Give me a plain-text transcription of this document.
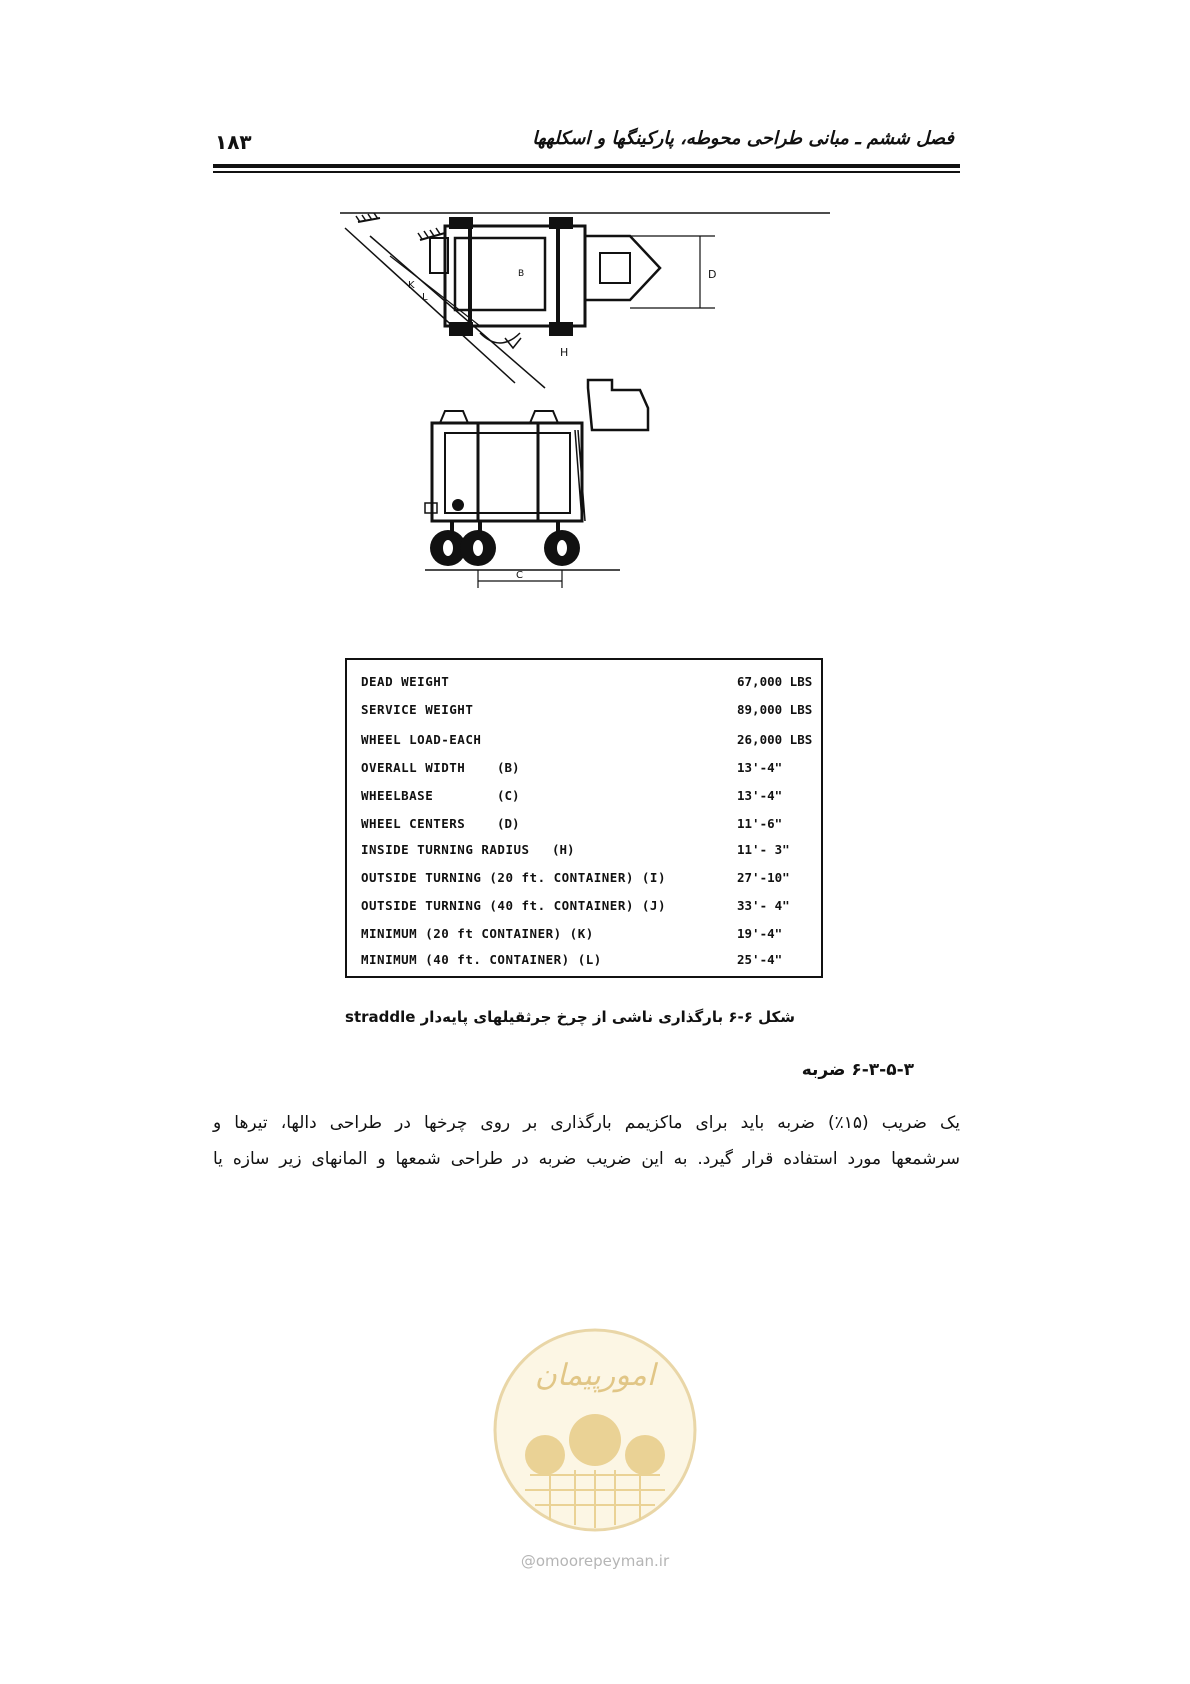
۱۸۳	فصل ششم ـ مبانی طراحی محوطه، پارکینگها و اسکلهها
B	D
H
K
L
C
DEAD WEIGHT	67,000 LBS
SERVICE WEIGHT	89,000 LBS
WHEEL LOAD-EACH	26,000 LBS
OVERALL WIDTH	(B)	13'-4"
WHEELBASE	(C)	13'-4"
WHEEL CENTERS	(D)	11'-6"
INSIDE TURNING RADIUS (H)	11'- 3"
OUTSIDE TURNING (20 ft. CONTAINER) (I)	27'-10"
OUTSIDE TURNING (40 ft. CONTAINER) (J)	33'- 4"
MINIMUM (20 ft CONTAINER) (K)	19'-4"
MINIMUM (40 ft. CONTAINER) (L)	25'-4"
شکل ۶-۶ بارگذاری ناشی از چرخ جرثقیلهای پایه‌دار straddle
۶-۳-۵-۳ ضربه

یک ضریب (۱۵٪) ضربه باید برای ماکزیمم بارگذاری بر روی چرخها در طراحی دالها، تیرها و

سرشمعها مورد استفاده قرار گیرد. به این ضریب ضربه در طراحی شمعها و المانهای زیر سازه یا

امورپیمان
@omoorepeyman.ir
